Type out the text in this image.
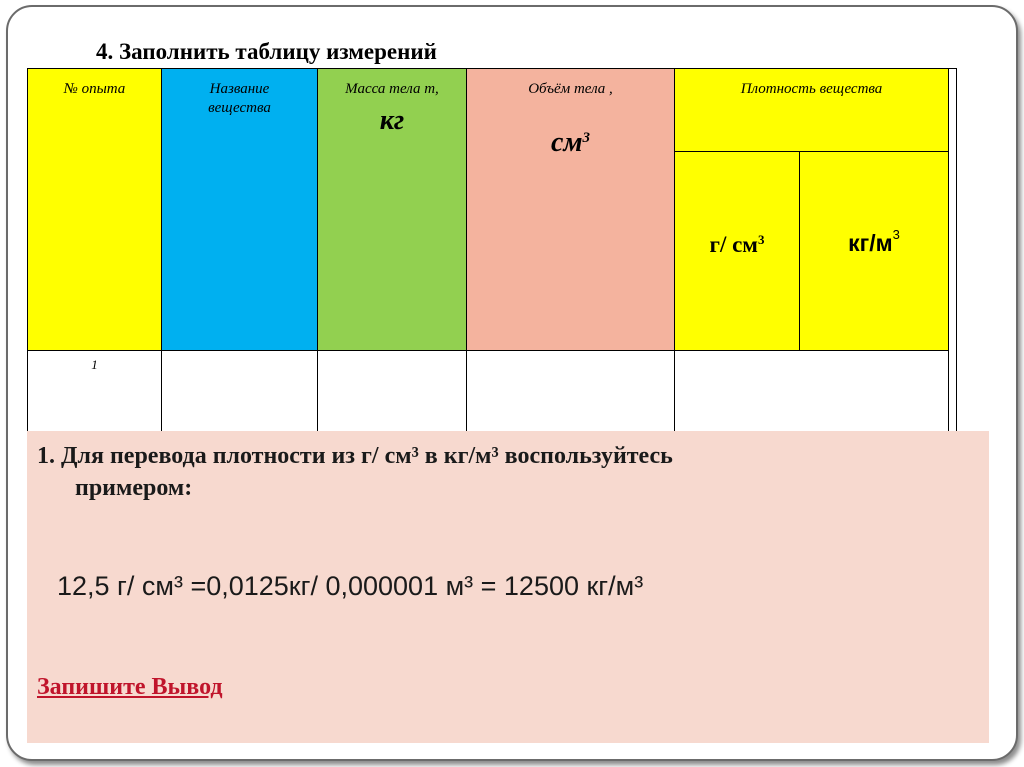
4. Заполнить таблицу измерений
№ опыта	Название вещества
Масса тела m,
кг
Объём тела ,
$см^3$
Плотность вещества
г/ $см^3$	$кг/м^3$
1
1. Для перевода плотности из г/ см³ в кг/м³ воспользуйтесь
примером:
12,5 г/ см³ =0,0125кг/ 0,000001 м³ = 12500 кг/м³
Запишите Вывод
